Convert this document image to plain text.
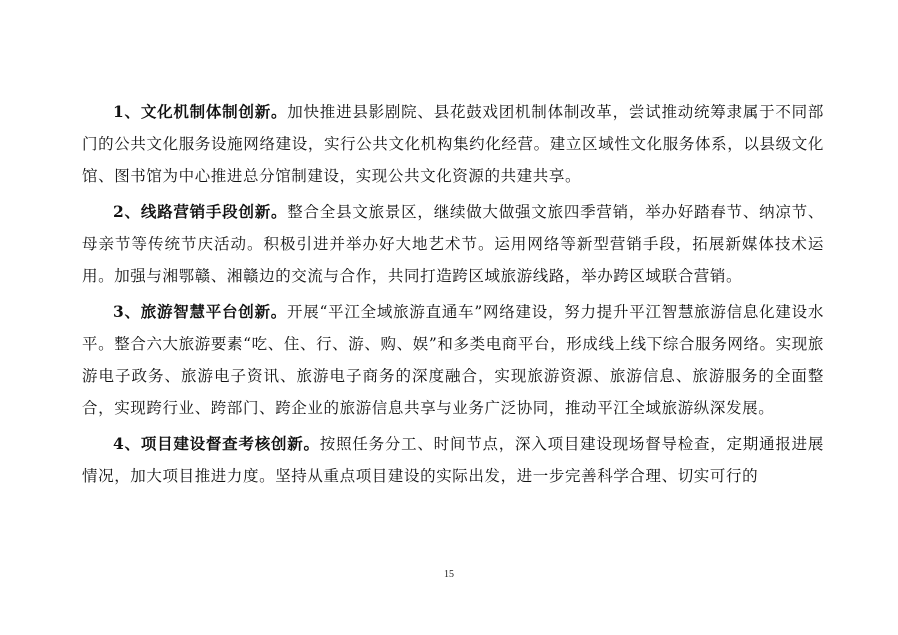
1、文化机制体制创新。加快推进县影剧院、县花鼓戏团机制体制改革，尝试推动统筹隶属于不同部门的公共文化服务设施网络建设，实行公共文化机构集约化经营。建立区域性文化服务体系，以县级文化馆、图书馆为中心推进总分馆制建设，实现公共文化资源的共建共享。

2、线路营销手段创新。整合全县文旅景区，继续做大做强文旅四季营销，举办好踏春节、纳凉节、母亲节等传统节庆活动。积极引进并举办好大地艺术节。运用网络等新型营销手段，拓展新媒体技术运用。加强与湘鄂赣、湘赣边的交流与合作，共同打造跨区域旅游线路，举办跨区域联合营销。

3、旅游智慧平台创新。开展“平江全域旅游直通车”网络建设，努力提升平江智慧旅游信息化建设水平。整合六大旅游要素“吃、住、行、游、购、娱”和多类电商平台，形成线上线下综合服务网络。实现旅游电子政务、旅游电子资讯、旅游电子商务的深度融合，实现旅游资源、旅游信息、旅游服务的全面整合，实现跨行业、跨部门、跨企业的旅游信息共享与业务广泛协同，推动平江全域旅游纵深发展。

4、项目建设督查考核创新。按照任务分工、时间节点，深入项目建设现场督导检查，定期通报进展情况，加大项目推进力度。坚持从重点项目建设的实际出发，进一步完善科学合理、切实可行的

15
